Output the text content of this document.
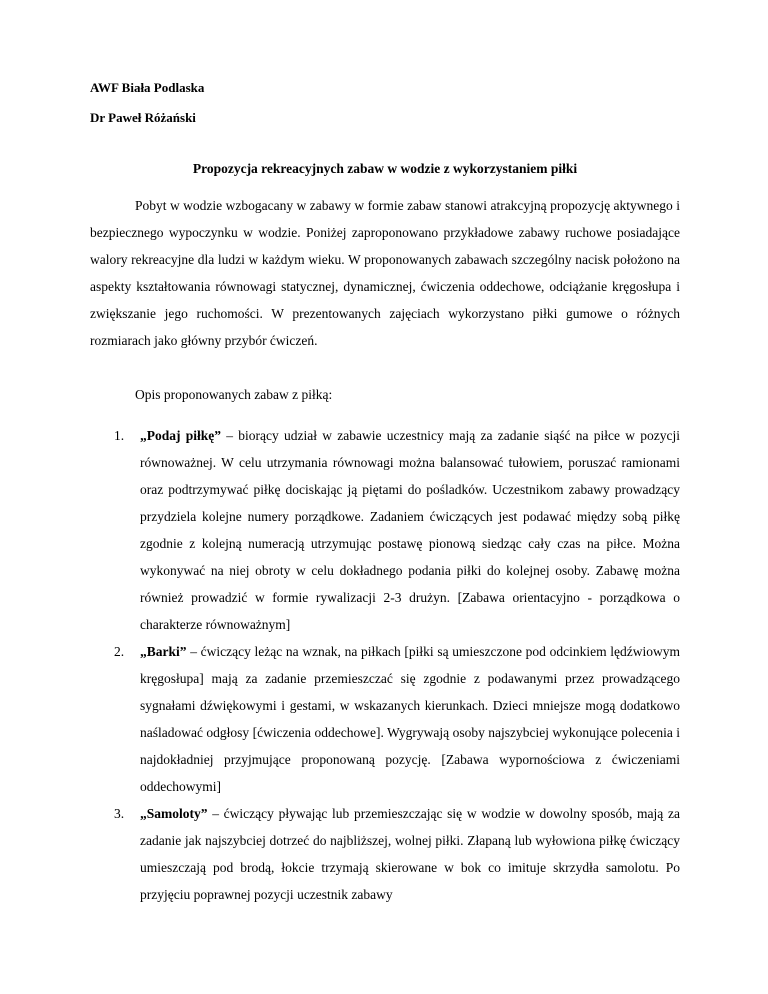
AWF Biała Podlaska

Dr Paweł Różański

Propozycja rekreacyjnych zabaw w wodzie z wykorzystaniem piłki

Pobyt w wodzie wzbogacany w zabawy w formie zabaw stanowi atrakcyjną propozycję aktywnego i bezpiecznego wypoczynku w wodzie. Poniżej zaproponowano przykładowe zabawy ruchowe posiadające walory rekreacyjne dla ludzi w każdym wieku. W proponowanych zabawach szczególny nacisk położono na aspekty kształtowania równowagi statycznej, dynamicznej, ćwiczenia oddechowe, odciążanie kręgosłupa i zwiększanie jego ruchomości. W prezentowanych zajęciach wykorzystano piłki gumowe o różnych rozmiarach jako główny przybór ćwiczeń.

Opis proponowanych zabaw z piłką:

1. „Podaj piłkę” – biorący udział w zabawie uczestnicy mają za zadanie siąść na piłce w pozycji równoważnej. W celu utrzymania równowagi można balansować tułowiem, poruszać ramionami oraz podtrzymywać piłkę dociskając ją piętami do pośladków. Uczestnikom zabawy prowadzący przydziela kolejne numery porządkowe. Zadaniem ćwiczących jest podawać między sobą piłkę zgodnie z kolejną numeracją utrzymując postawę pionową siedząc cały czas na piłce. Można wykonywać na niej obroty w celu dokładnego podania piłki do kolejnej osoby. Zabawę można również prowadzić w formie rywalizacji 2-3 drużyn. [Zabawa orientacyjno - porządkowa o charakterze równoważnym]
2. „Barki” – ćwiczący leżąc na wznak, na piłkach [piłki są umieszczone pod odcinkiem lędźwiowym kręgosłupa] mają za zadanie przemieszczać się zgodnie z podawanymi przez prowadzącego sygnałami dźwiękowymi i gestami, w wskazanych kierunkach. Dzieci mniejsze mogą dodatkowo naśladować odgłosy [ćwiczenia oddechowe]. Wygrywają osoby najszybciej wykonujące polecenia i najdokładniej przyjmujące proponowaną pozycję. [Zabawa wypornościowa z ćwiczeniami oddechowymi]
3. „Samoloty” – ćwiczący pływając lub przemieszczając się w wodzie w dowolny sposób, mają za zadanie jak najszybciej dotrzeć do najbliższej, wolnej piłki. Złapaną lub wyłowiona piłkę ćwiczący umieszczają pod brodą, łokcie trzymają skierowane w bok co imituje skrzydła samolotu. Po przyjęciu poprawnej pozycji uczestnik zabawy
